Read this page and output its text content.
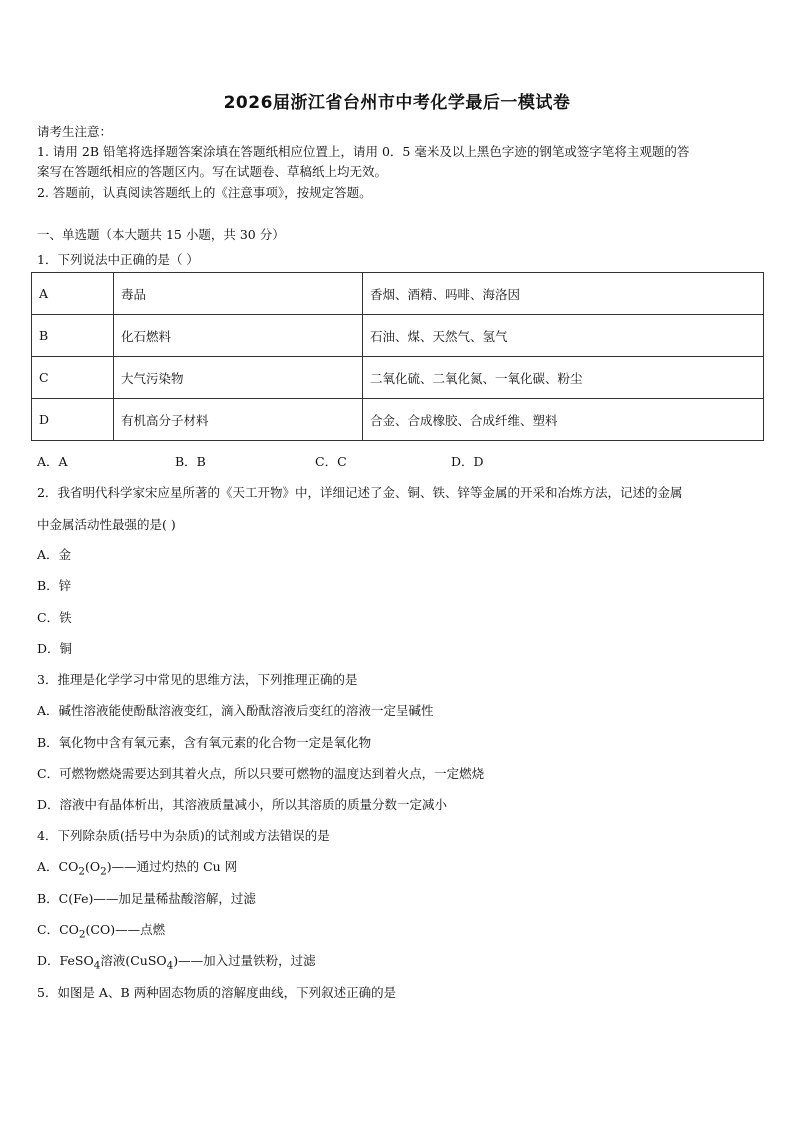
2026届浙江省台州市中考化学最后一模试卷
请考生注意：
1. 请用 2B 铅笔将选择题答案涂填在答题纸相应位置上，请用 0．5 毫米及以上黑色字迹的钢笔或签字笔将主观题的答
案写在答题纸相应的答题区内。写在试题卷、草稿纸上均无效。
2. 答题前，认真阅读答题纸上的《注意事项》，按规定答题。
一、单选题（本大题共 15 小题，共 30 分）
1．下列说法中正确的是（ ）
A	毒品	香烟、酒精、吗啡、海洛因
B	化石燃料	石油、煤、天然气、氢气
C	大气污染物	二氧化硫、二氧化氮、一氧化碳、粉尘
D	有机高分子材料	合金、合成橡胶、合成纤维、塑料
A．A	B．B	C．C	D．D
2．我省明代科学家宋应星所著的《天工开物》中，详细记述了金、铜、铁、锌等金属的开采和冶炼方法，记述的金属
中金属活动性最强的是( )
A．金
B．锌
C．铁
D．铜
3．推理是化学学习中常见的思维方法，下列推理正确的是
A．碱性溶液能使酚酞溶液变红，滴入酚酞溶液后变红的溶液一定呈碱性
B．氧化物中含有氧元素，含有氧元素的化合物一定是氧化物
C．可燃物燃烧需要达到其着火点，所以只要可燃物的温度达到着火点，一定燃烧
D．溶液中有晶体析出，其溶液质量减小，所以其溶质的质量分数一定减小
4．下列除杂质(括号中为杂质)的试剂或方法错误的是
A．$CO_2(O_2)——$通过灼热的 Cu 网
B．C(Fe)——加足量稀盐酸溶解，过滤
C．$CO_2(CO)——$点燃
D．FeSO$_4$溶液(CuSO$_4$)——加入过量铁粉，过滤
5．如图是 A、B 两种固态物质的溶解度曲线，下列叙述正确的是
